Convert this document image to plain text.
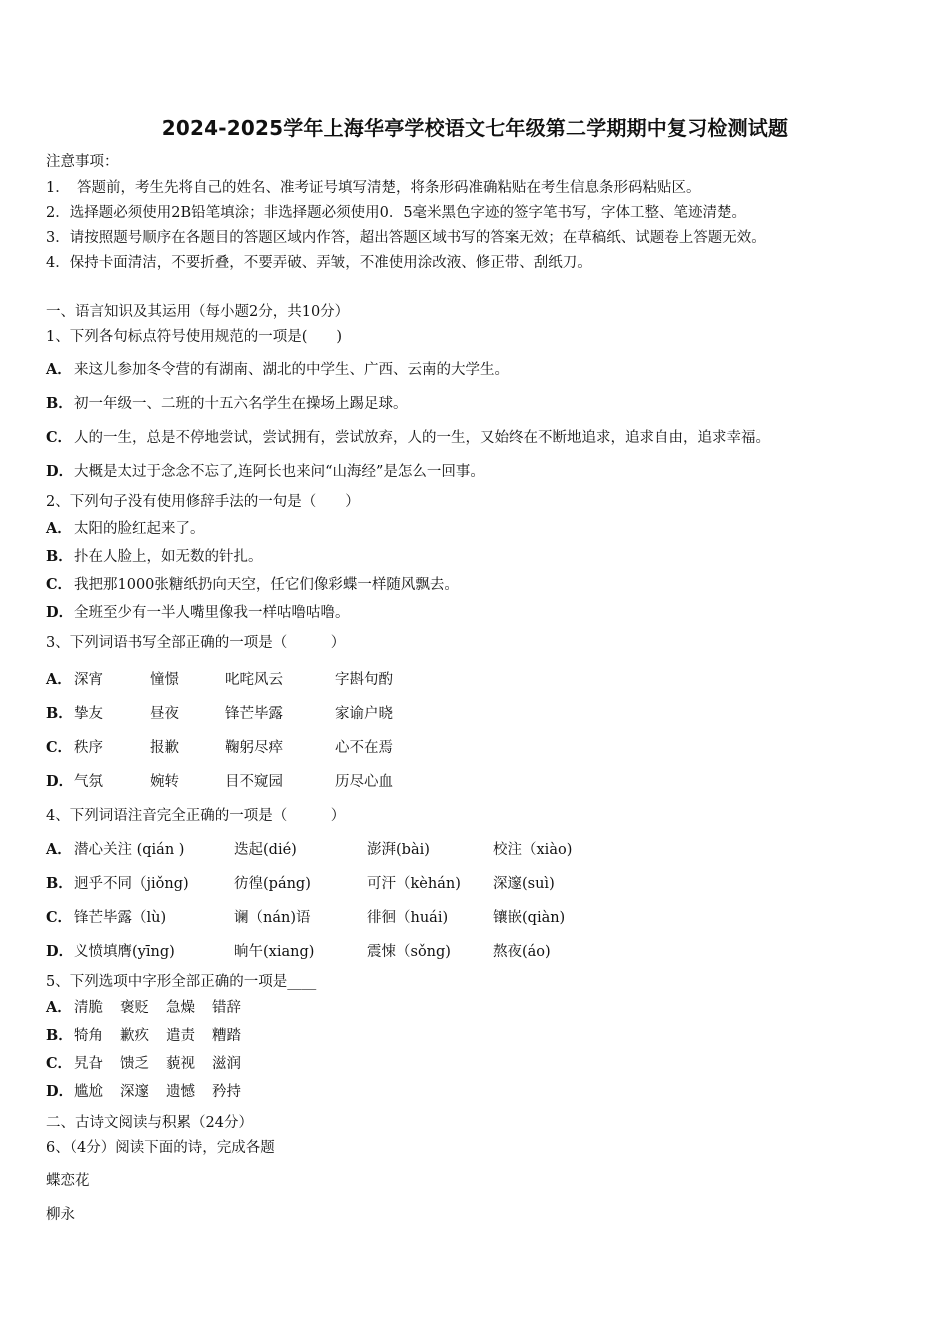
2024-2025学年上海华亭学校语文七年级第二学期期中复习检测试题
注意事项：
1．　答题前，考生先将自己的姓名、准考证号填写清楚，将条形码准确粘贴在考生信息条形码粘贴区。
2．选择题必须使用2B铅笔填涂；非选择题必须使用0．5毫米黑色字迹的签字笔书写，字体工整、笔迹清楚。
3．请按照题号顺序在各题目的答题区域内作答，超出答题区域书写的答案无效；在草稿纸、试题卷上答题无效。
4．保持卡面清洁，不要折叠，不要弄破、弄皱，不准使用涂改液、修正带、刮纸刀。
一、语言知识及其运用（每小题2分，共10分）
1、下列各句标点符号使用规范的一项是(　　)
A． 来这儿参加冬令营的有湖南、湖北的中学生、广西、云南的大学生。
B．初一年级一、二班的十五六名学生在操场上踢足球。
C． 人的一生，总是不停地尝试，尝试拥有，尝试放弃，人的一生，又始终在不断地追求，追求自由，追求幸福。
D．大概是太过于念念不忘了,连阿长也来问“山海经”是怎么一回事。
2、下列句子没有使用修辞手法的一句是（　　）
A． 太阳的脸红起来了。
B．扑在人脸上，如无数的针扎。
C． 我把那1000张糖纸扔向天空，任它们像彩蝶一样随风飘去。
D．全班至少有一半人嘴里像我一样咕噜咕噜。
3、下列词语书写全部正确的一项是（　　　）
A． 深宵	憧憬	叱咤风云	字斟句酌
B．挚友	昼夜	锋芒毕露	家谕户晓
C． 秩序	报歉	鞠躬尽瘁	心不在焉
D．气氛	婉转	目不窥园	历尽心血
4、下列词语注音完全正确的一项是（　　　）
A． 潜心关注 (qián )	迭起(dié)	澎湃(bài)	校注（xiào)
B．迥乎不同（jiǒng)	彷徨(páng)	可汗（kèhán) 深邃(suì)
C． 锋芒毕露（lù)	谰（nán)语	徘徊（huái)	镶嵌(qiàn)
D．义愤填膺(yīng)	晌午(xiang)	震悚（sǒng)	熬夜(áo)
5、下列选项中字形全部正确的一项是____
A． 清脆 褒贬 急燥 错辞
B．犄角 歉疚 遣责 糟踏
C． 旯旮 馈乏 藐视 滋润
D．尴尬 深邃 遗憾 矜持
二、古诗文阅读与积累（24分）
6、（4分）阅读下面的诗，完成各题
蝶恋花
柳永
